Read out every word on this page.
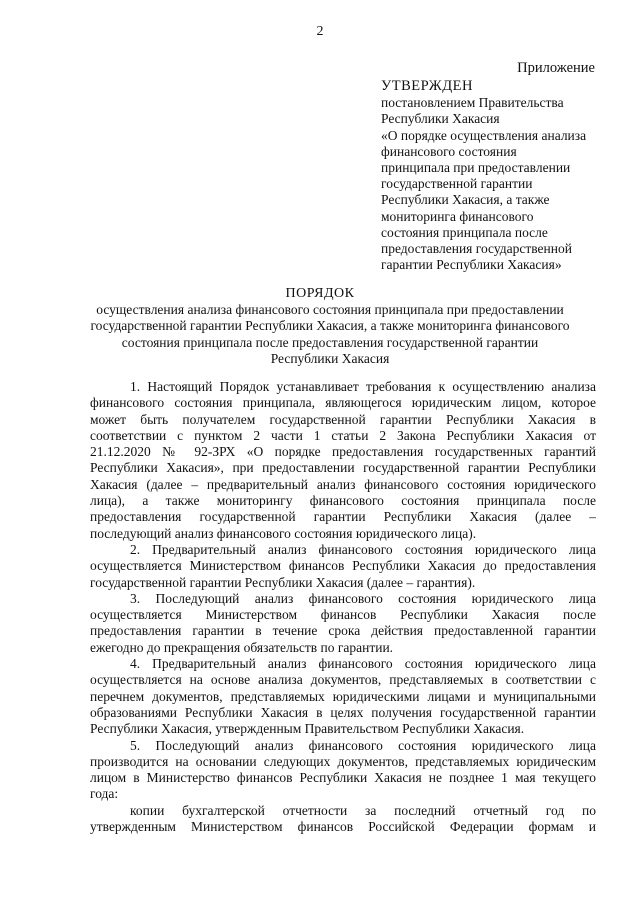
2
Приложение
УТВЕРЖДЕН
постановлением Правительства
Республики Хакасия
«О порядке осуществления анализа
финансового состояния
принципала при предоставлении
государственной гарантии
Республики Хакасия, а также
мониторинга финансового
состояния принципала после
предоставления государственной
гарантии Республики Хакасия»
ПОРЯДОК
осуществления анализа финансового состояния принципала при предоставлении
государственной гарантии Республики Хакасия, а также мониторинга финансового
состояния принципала после предоставления государственной гарантии
Республики Хакасия
1. Настоящий Порядок устанавливает требования к осуществлению анализа
финансового состояния принципала, являющегося юридическим лицом, которое
может быть получателем государственной гарантии Республики Хакасия в
соответствии с пунктом 2 части 1 статьи 2 Закона Республики Хакасия от
21.12.2020 № 92-ЗРХ «О порядке предоставления государственных гарантий
Республики Хакасия», при предоставлении государственной гарантии Республики
Хакасия (далее – предварительный анализ финансового состояния юридического
лица), а также мониторингу финансового состояния принципала после
предоставления государственной гарантии Республики Хакасия (далее –
последующий анализ финансового состояния юридического лица).
2. Предварительный анализ финансового состояния юридического лица
осуществляется Министерством финансов Республики Хакасия до предоставления
государственной гарантии Республики Хакасия (далее – гарантия).
3. Последующий анализ финансового состояния юридического лица
осуществляется Министерством финансов Республики Хакасия после
предоставления гарантии в течение срока действия предоставленной гарантии
ежегодно до прекращения обязательств по гарантии.
4. Предварительный анализ финансового состояния юридического лица
осуществляется на основе анализа документов, представляемых в соответствии с
перечнем документов, представляемых юридическими лицами и муниципальными
образованиями Республики Хакасия в целях получения государственной гарантии
Республики Хакасия, утвержденным Правительством Республики Хакасия.
5. Последующий анализ финансового состояния юридического лица
производится на основании следующих документов, представляемых юридическим
лицом в Министерство финансов Республики Хакасия не позднее 1 мая текущего
года:
копии бухгалтерской отчетности за последний отчетный год по
утвержденным Министерством финансов Российской Федерации формам и
